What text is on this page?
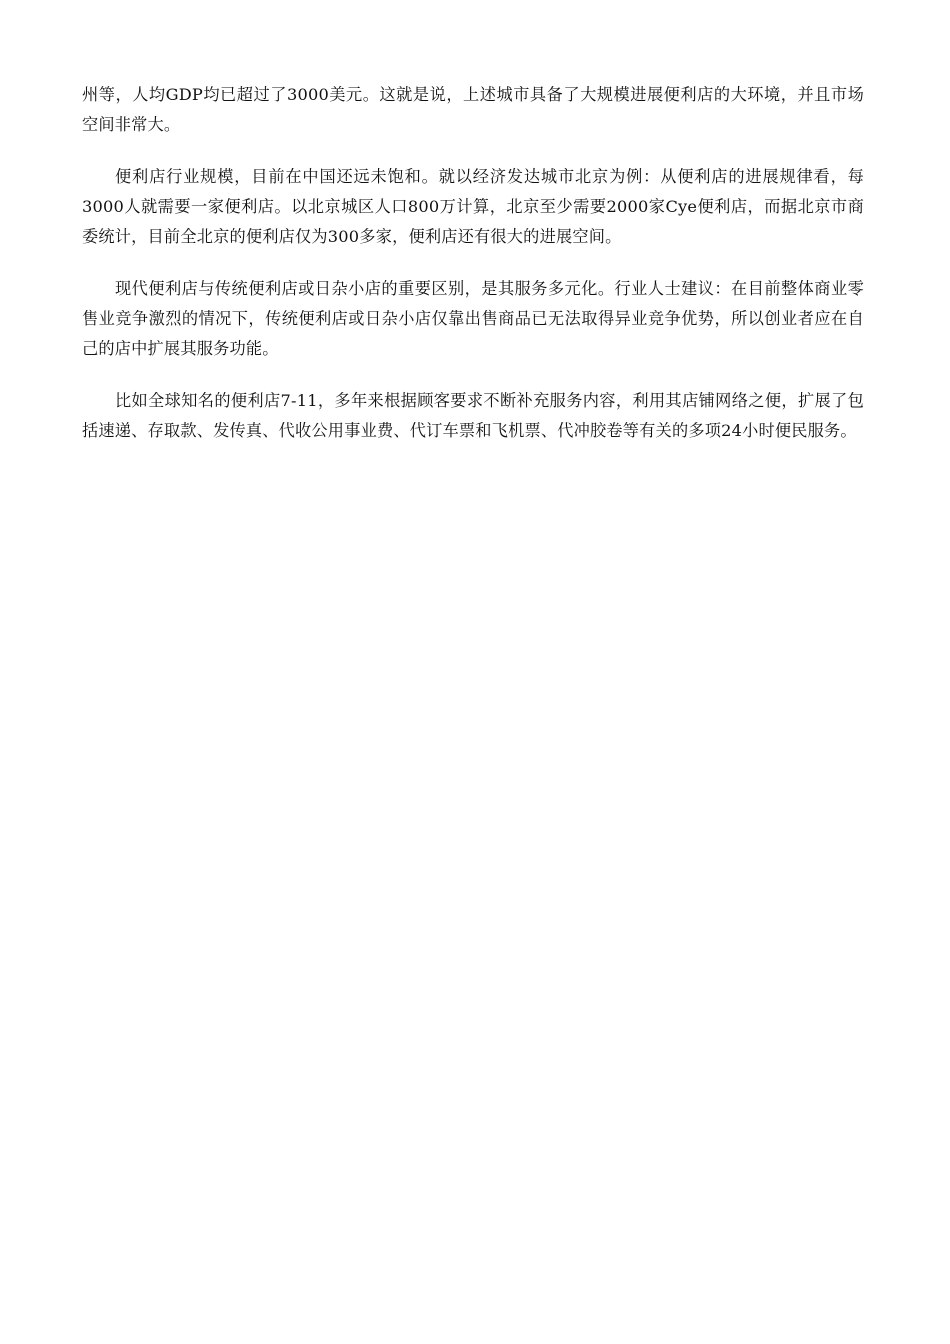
州等，人均GDP均已超过了3000美元。这就是说，上述城市具备了大规模进展便利店的大环境，并且市场空间非常大。

便利店行业规模，目前在中国还远未饱和。就以经济发达城市北京为例：从便利店的进展规律看，每3000人就需要一家便利店。以北京城区人口800万计算，北京至少需要2000家Cye便利店，而据北京市商委统计，目前全北京的便利店仅为300多家，便利店还有很大的进展空间。

现代便利店与传统便利店或日杂小店的重要区别，是其服务多元化。行业人士建议：在目前整体商业零售业竞争激烈的情况下，传统便利店或日杂小店仅靠出售商品已无法取得异业竞争优势，所以创业者应在自己的店中扩展其服务功能。

比如全球知名的便利店7-11，多年来根据顾客要求不断补充服务内容，利用其店铺网络之便，扩展了包括速递、存取款、发传真、代收公用事业费、代订车票和飞机票、代冲胶卷等有关的多项24小时便民服务。
